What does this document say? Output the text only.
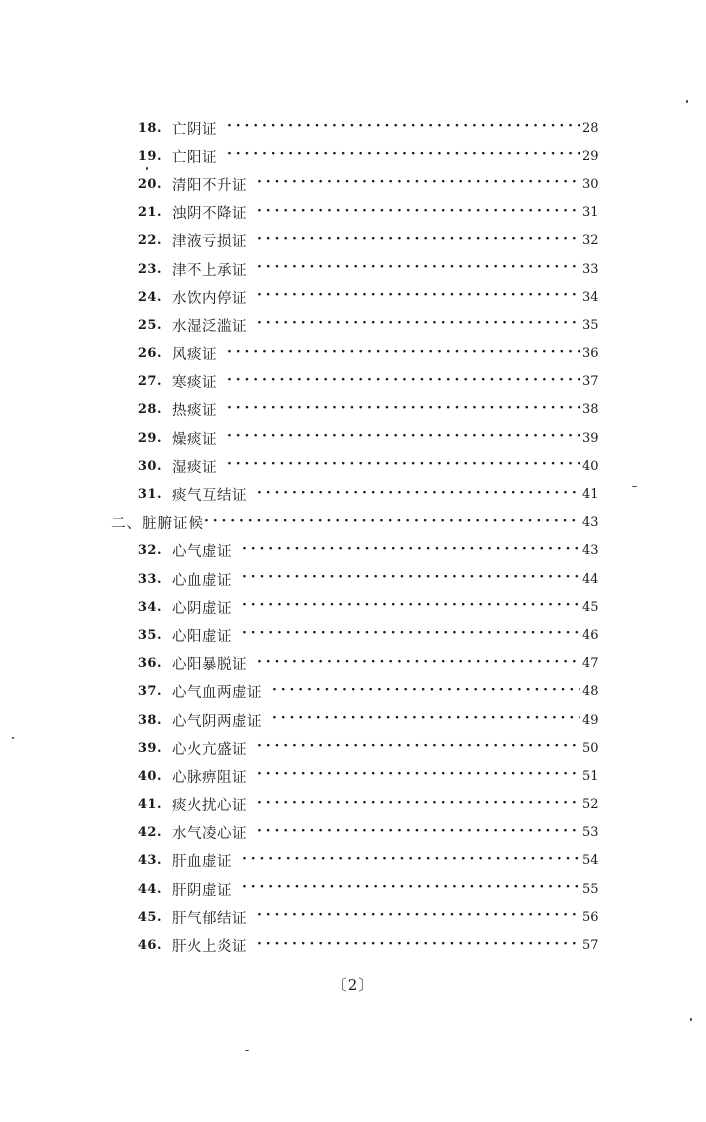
18. 亡阴证 · · ·	28
19. 亡阳证 · · ·	29
20. 清阳不升证 · · ·	30
21. 浊阴不降证 · · ·	31
22. 津液亏损证 · · ·	32
23. 津不上承证 · · ·	33
24. 水饮内停证 · · ·	34
25. 水湿泛滥证 · · ·	35
26. 风痰证 · · ·	36
27. 寒痰证 · · ·	37
28. 热痰证 · · ·	38
29. 燥痰证 · · ·	39
30. 湿痰证 · · ·	40
31. 痰气互结证 · · ·	41
二、脏腑证候 · · ·	43
32. 心气虚证 · · ·	43
33. 心血虚证 · · ·	44
34. 心阴虚证 · · ·	45
35. 心阳虚证 · · ·	46
36. 心阳暴脱证 · · ·	47
37. 心气血两虚证 · · ·	48
38. 心气阴两虚证 · · ·	49
39. 心火亢盛证 · · ·	50
40. 心脉痹阻证 · · ·	51
41. 痰火扰心证 · · ·	52
42. 水气凌心证 · · ·	53
43. 肝血虚证 · · ·	54
44. 肝阴虚证 · · ·	55
45. 肝气郁结证 · · ·	56
46. 肝火上炎证 · · ·	57
〔2〕
